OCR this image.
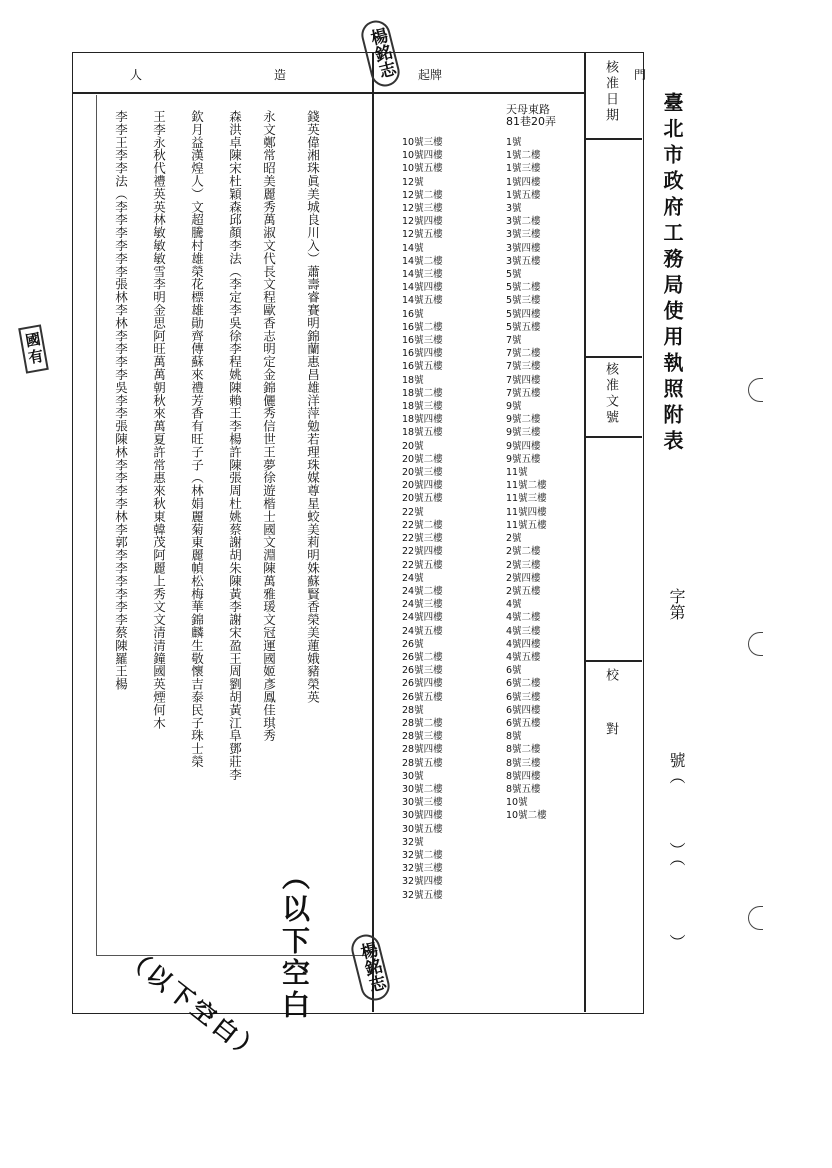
人　造　起
牌　門
核准日期
核准文號
校　對
臺北市政府工務局使用執照附表
字第
號（
）（
）
錢英偉湘珠眞美城良川入）蕭壽睿賽明錦蘭惠昌雄洋萍勉若理珠媒尊星蛟美莉明姝蘇賢香榮美蓮娥豬榮英
永文鄭常昭美麗秀萬淑文代長文程歐香志明定金錦儷秀信世王夢徐遊楷士國文淵陳萬雅瑗文冠運國姬彥鳳佳琪秀
森洪卓陳宋杜穎森邱顏李法（李定李吳徐李程姚陳賴王李楊許陳張周杜姚蔡謝胡朱陳黃李謝宋盈王周劉胡黃江阜鄧莊李
欽月益漢煌人）文超騰村雄榮花標雄勛齊傳蘇來禮芳香有旺子子（林娟麗菊東麗幀松梅華錦麟生敬懷吉泰民子珠士榮
王李永秋代禮英英林敏敏敏雪李明金思阿旺萬萬朝秋來萬夏許常惠來秋東韓茂阿麗上秀文文清清鐘國英煙何木
李李王李李法（李李李李李李張林李林李李李李吳李李張陳林李李李李林李郭李李李李李李蔡陳羅王楊
天母東路
81巷20弄
10號三樓
10號四樓
10號五樓
12號
12號二樓
12號三樓
12號四樓
12號五樓
14號
14號二樓
14號三樓
14號四樓
14號五樓
16號
16號二樓
16號三樓
16號四樓
16號五樓
18號
18號二樓
18號三樓
18號四樓
18號五樓
20號
20號二樓
20號三樓
20號四樓
20號五樓
22號
22號二樓
22號三樓
22號四樓
22號五樓
24號
24號二樓
24號三樓
24號四樓
24號五樓
26號
26號二樓
26號三樓
26號四樓
26號五樓
28號
28號二樓
28號三樓
28號四樓
28號五樓
30號
30號二樓
30號三樓
30號四樓
30號五樓
32號
32號二樓
32號三樓
32號四樓
32號五樓
1號
1號二樓
1號三樓
1號四樓
1號五樓
3號
3號二樓
3號三樓
3號四樓
3號五樓
5號
5號二樓
5號三樓
5號四樓
5號五樓
7號
7號二樓
7號三樓
7號四樓
7號五樓
9號
9號二樓
9號三樓
9號四樓
9號五樓
11號
11號二樓
11號三樓
11號四樓
11號五樓
2號
2號二樓
2號三樓
2號四樓
2號五樓
4號
4號二樓
4號三樓
4號四樓
4號五樓
6號
6號二樓
6號三樓
6號四樓
6號五樓
8號
8號二樓
8號三樓
8號四樓
8號五樓
10號
10號二樓
楊銘志
楊銘志
國有
（以下空白
（以下空白）
